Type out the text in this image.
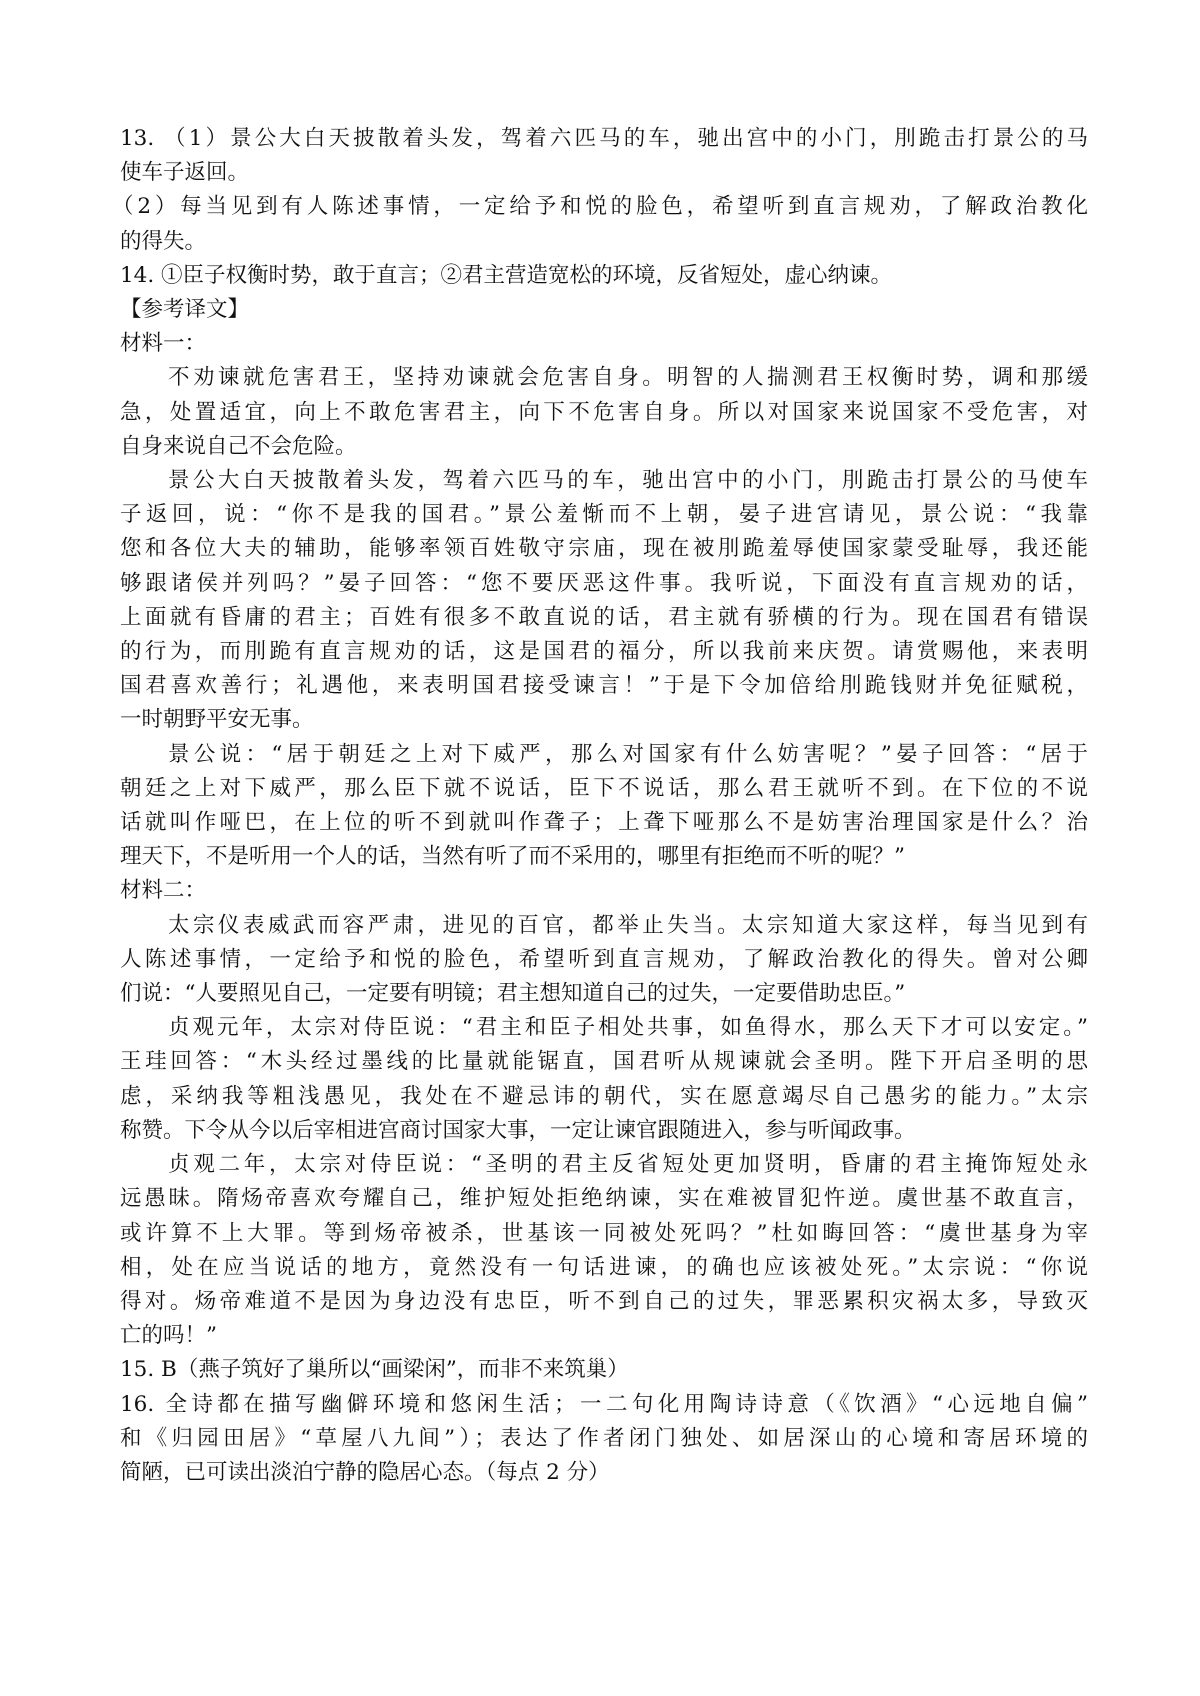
13. （1）景公大白天披散着头发，驾着六匹马的车，驰出宫中的小门，刖跪击打景公的马
使车子返回。
（2）每当见到有人陈述事情，一定给予和悦的脸色，希望听到直言规劝，了解政治教化
的得失。
14. ①臣子权衡时势，敢于直言；②君主营造宽松的环境，反省短处，虚心纳谏。
【参考译文】
材料一：
不劝谏就危害君王，坚持劝谏就会危害自身。明智的人揣测君王权衡时势，调和那缓
急，处置适宜，向上不敢危害君主，向下不危害自身。所以对国家来说国家不受危害，对
自身来说自己不会危险。
景公大白天披散着头发，驾着六匹马的车，驰出宫中的小门，刖跪击打景公的马使车
子返回，说：“你不是我的国君。”景公羞惭而不上朝，晏子进宫请见，景公说：“我靠
您和各位大夫的辅助，能够率领百姓敬守宗庙，现在被刖跪羞辱使国家蒙受耻辱，我还能
够跟诸侯并列吗？”晏子回答：“您不要厌恶这件事。我听说，下面没有直言规劝的话，
上面就有昏庸的君主；百姓有很多不敢直说的话，君主就有骄横的行为。现在国君有错误
的行为，而刖跪有直言规劝的话，这是国君的福分，所以我前来庆贺。请赏赐他，来表明
国君喜欢善行；礼遇他，来表明国君接受谏言！”于是下令加倍给刖跪钱财并免征赋税，
一时朝野平安无事。
景公说：“居于朝廷之上对下威严，那么对国家有什么妨害呢？”晏子回答：“居于
朝廷之上对下威严，那么臣下就不说话，臣下不说话，那么君王就听不到。在下位的不说
话就叫作哑巴，在上位的听不到就叫作聋子；上聋下哑那么不是妨害治理国家是什么？治
理天下，不是听用一个人的话，当然有听了而不采用的，哪里有拒绝而不听的呢？”
材料二：
太宗仪表威武而容严肃，进见的百官，都举止失当。太宗知道大家这样，每当见到有
人陈述事情，一定给予和悦的脸色，希望听到直言规劝，了解政治教化的得失。曾对公卿
们说：“人要照见自己，一定要有明镜；君主想知道自己的过失，一定要借助忠臣。”
贞观元年，太宗对侍臣说：“君主和臣子相处共事，如鱼得水，那么天下才可以安定。”
王珪回答：“木头经过墨线的比量就能锯直，国君听从规谏就会圣明。陛下开启圣明的思
虑，采纳我等粗浅愚见，我处在不避忌讳的朝代，实在愿意竭尽自己愚劣的能力。”太宗
称赞。下令从今以后宰相进宫商讨国家大事，一定让谏官跟随进入，参与听闻政事。
贞观二年，太宗对侍臣说：“圣明的君主反省短处更加贤明，昏庸的君主掩饰短处永
远愚昧。隋炀帝喜欢夸耀自己，维护短处拒绝纳谏，实在难被冒犯忤逆。虞世基不敢直言，
或许算不上大罪。等到炀帝被杀，世基该一同被处死吗？”杜如晦回答：“虞世基身为宰
相，处在应当说话的地方，竟然没有一句话进谏，的确也应该被处死。”太宗说：“你说
得对。炀帝难道不是因为身边没有忠臣，听不到自己的过失，罪恶累积灾祸太多，导致灭
亡的吗！”
15. B（燕子筑好了巢所以“画梁闲”，而非不来筑巢）
16. 全诗都在描写幽僻环境和悠闲生活；一二句化用陶诗诗意（《饮酒》“心远地自偏”
和《归园田居》“草屋八九间”）；表达了作者闭门独处、如居深山的心境和寄居环境的
简陋，已可读出淡泊宁静的隐居心态。（每点 2 分）
